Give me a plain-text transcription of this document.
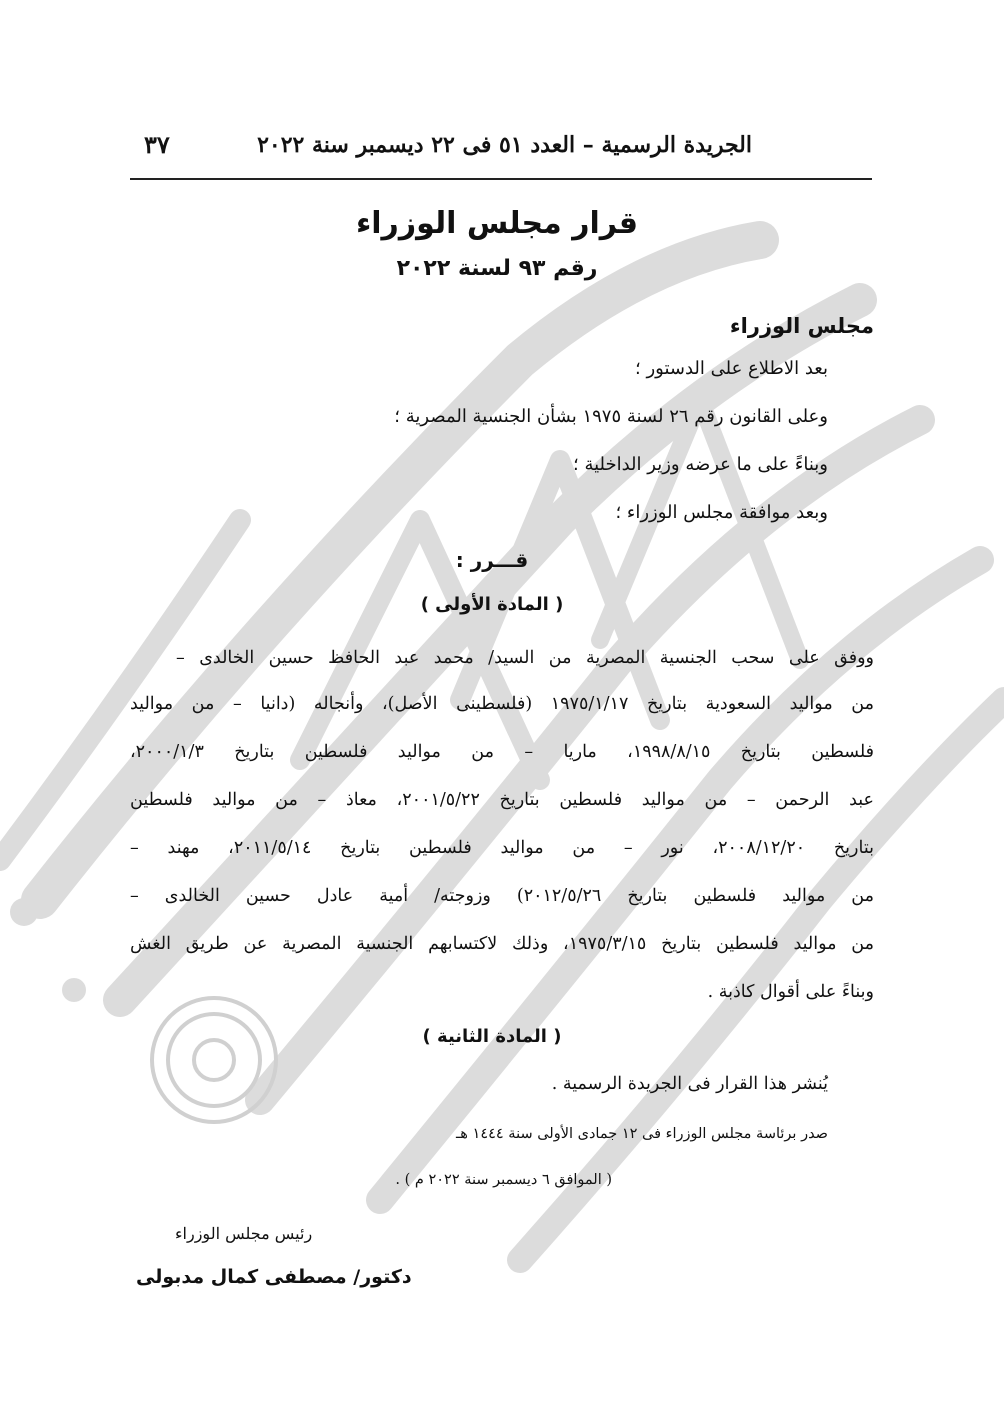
الجريدة الرسمية – العدد ٥١ فى ٢٢ ديسمبر سنة ٢٠٢٢
٣٧
قرار مجلس الوزراء
رقم ٩٣ لسنة ٢٠٢٢
مجلس الوزراء
بعد الاطلاع على الدستور ؛
وعلى القانون رقم ٢٦ لسنة ١٩٧٥ بشأن الجنسية المصرية ؛
وبناءً على ما عرضه وزير الداخلية ؛
وبعد موافقة مجلس الوزراء ؛
قـــرر :
( المادة الأولى )
ووفق على سحب الجنسية المصرية من السيد/ محمد عبد الحافظ حسين الخالدى –
من مواليد السعودية بتاريخ ١٩٧٥/١/١٧ (فلسطينى الأصل)، وأنجاله (دانيا – من مواليد
فلسطين بتاريخ ١٩٩٨/٨/١٥، ماريا – من مواليد فلسطين بتاريخ ٢٠٠٠/١/٣،
عبد الرحمن – من مواليد فلسطين بتاريخ ٢٠٠١/٥/٢٢، معاذ – من مواليد فلسطين
بتاريخ ٢٠٠٨/١٢/٢٠، نور – من مواليد فلسطين بتاريخ ٢٠١١/٥/١٤، مهند –
من مواليد فلسطين بتاريخ ٢٠١٢/٥/٢٦) وزوجته/ أمية عادل حسين الخالدى –
من مواليد فلسطين بتاريخ ١٩٧٥/٣/١٥، وذلك لاكتسابهم الجنسية المصرية عن طريق الغش
وبناءً على أقوال كاذبة .
( المادة الثانية )
يُنشر هذا القرار فى الجريدة الرسمية .
صدر برئاسة مجلس الوزراء فى ١٢ جمادى الأولى سنة ١٤٤٤ هـ
( الموافق ٦ ديسمبر سنة ٢٠٢٢ م ) .
رئيس مجلس الوزراء
دكتور/ مصطفى كمال مدبولى
